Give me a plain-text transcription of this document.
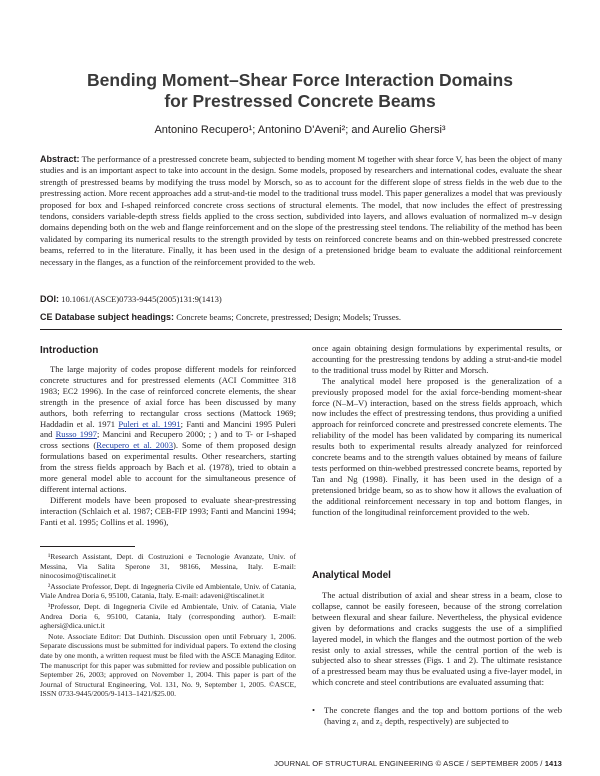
Bending Moment–Shear Force Interaction Domains
for Prestressed Concrete Beams
Antonino Recupero¹; Antonino D'Aveni²; and Aurelio Ghersi³

Abstract: The performance of a prestressed concrete beam, subjected to bending moment M together with shear force V, has been the object of many studies and is an important aspect to take into account in the design. Some models, proposed by researchers and international codes, evaluate the shear strength of prestressed beams by modifying the truss model by Morsch, so as to account for the different slope of stress fields in the web due to the prestressing action. More recent approaches add a strut-and-tie model to the traditional truss model. This paper generalizes a model that was previously proposed for box and I-shaped reinforced concrete cross sections of structural elements. The model, that now includes the effect of prestressing tendons, considers variable-depth stress fields applied to the cross section, subdivided into layers, and allows evaluation of normalized m–v design domains depending both on the web and flange reinforcement and on the slope of the prestressing steel tendons. The reliability of the method has been validated by comparing its numerical results to the strength provided by tests on reinforced concrete beams and on thin-webbed prestressed concrete beams, referred to in the literature. Finally, it has been used in the design of a pretensioned bridge beam to evaluate the additional reinforcement necessary in the flanges, as a function of the reinforcement provided to the web.

DOI: 10.1061/(ASCE)0733-9445(2005)131:9(1413)

CE Database subject headings: Concrete beams; Concrete, prestressed; Design; Models; Trusses.

Introduction

The large majority of codes propose different models for reinforced concrete structures and for prestressed elements (ACI Committee 318 1983; EC2 1996). In the case of reinforced concrete elements, the shear strength in the presence of axial force has been discussed by many authors, both referring to rectangular cross sections (Mattock 1969; Haddadin et al. 1971 Puleri et al. 1991; Fanti and Mancini 1995 Puleri and Russo 1997; Mancini and Recupero 2000; ; ) and to T- or I-shaped cross sections (Recupero et al. 2003). Some of them proposed design formulations based on experimental results. Other researchers, starting from the stress fields approach by Bach et al. (1978), tried to obtain a more general model able to account for the simultaneous presence of different internal actions.

Different models have been proposed to evaluate shear-prestressing interaction (Schlaich et al. 1987; CEB-FIP 1993; Fanti and Mancini 1994; Fanti et al. 1995; Collins et al. 1996),

¹Research Assistant, Dept. di Costruzioni e Tecnologie Avanzate, Univ. of Messina, Via Salita Sperone 31, 98166, Messina, Italy. E-mail: ninocosimo@tiscalinet.it

²Associate Professor, Dept. di Ingegneria Civile ed Ambientale, Univ. of Catania, Viale Andrea Doria 6, 95100, Catania, Italy. E-mail: adaveni@tiscalinet.it

³Professor, Dept. di Ingegneria Civile ed Ambientale, Univ. of Catania, Viale Andrea Doria 6, 95100, Catania, Italy (corresponding author). E-mail: aghersi@dica.unict.it

Note. Associate Editor: Dat Duthinh. Discussion open until February 1, 2006. Separate discussions must be submitted for individual papers. To extend the closing date by one month, a written request must be filed with the ASCE Managing Editor. The manuscript for this paper was submitted for review and possible publication on September 26, 2003; approved on November 1, 2004. This paper is part of the Journal of Structural Engineering, Vol. 131, No. 9, September 1, 2005. ©ASCE, ISSN 0733-9445/2005/9-1413–1421/$25.00.

once again obtaining design formulations by experimental results, or accounting for the prestressing tendons by adding a strut-and-tie model to the traditional truss model by Ritter and Morsch.

The analytical model here proposed is the generalization of a previously proposed model for the axial force-bending moment-shear force (N–M–V) interaction, based on the stress fields approach, which now includes the effect of prestressing tendons, thus providing a unified approach for reinforced concrete and prestressed concrete elements. The reliability of the model has been validated by comparing its numerical results both to experimental results already analyzed for reinforced concrete beams and to the strength values obtained by means of failure tests performed on thin-webbed prestressed concrete beams, reported by Tan and Ng (1998). Finally, it has been used in the design of a pretensioned bridge beam, so as to show how it allows the evaluation of the additional reinforcement necessary in top and bottom flanges, in function of the longitudinal reinforcement provided to the web.

Analytical Model

The actual distribution of axial and shear stress in a beam, close to collapse, cannot be easily foreseen, because of the strong correlation between flexural and shear failure. Nevertheless, the physical evidence given by deformations and cracks suggests the use of a simplified layered model, in which the flanges and the outmost portion of the web resist only to axial stresses, while the central portion of the web is subjected also to shear stresses (Figs. 1 and 2). The ultimate resistance of a prestressed beam may thus be evaluated using a five-layer model, in which concrete and steel contributions are evaluated assuming that:

•	The concrete flanges and the top and bottom portions of the web (having z₁ and z₂ depth, respectively) are subjected to
JOURNAL OF STRUCTURAL ENGINEERING © ASCE / SEPTEMBER 2005 / 1413
